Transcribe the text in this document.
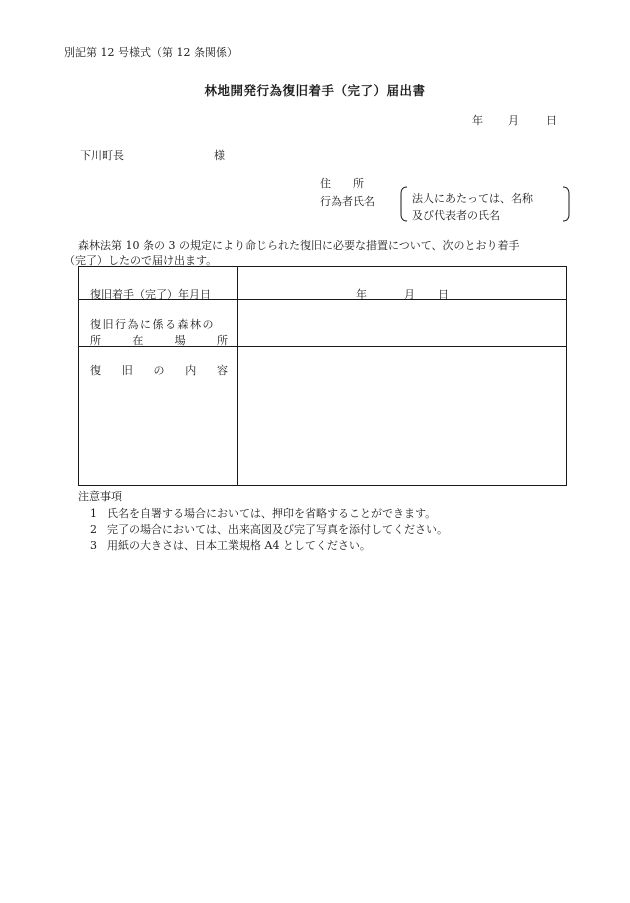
別記第 12 号様式（第 12 条関係）
林地開発行為復旧着手（完了）届出書
年 月 日
下川町長	様
住　　所
行為者氏名	法人にあたっては、名称
及び代表者の氏名
森林法第 10 条の 3 の規定により命じられた復旧に必要な措置について、次のとおり着手
（完了）したので届け出ます。
復旧着手（完了）年月日	年	月 日
復旧行為に係る森林の
所	在	場	所
復 旧 の 内 容
注意事項
1 氏名を自署する場合においては、押印を省略することができます。
2 完了の場合においては、出来高図及び完了写真を添付してください。
3 用紙の大きさは、日本工業規格 A4 としてください。
